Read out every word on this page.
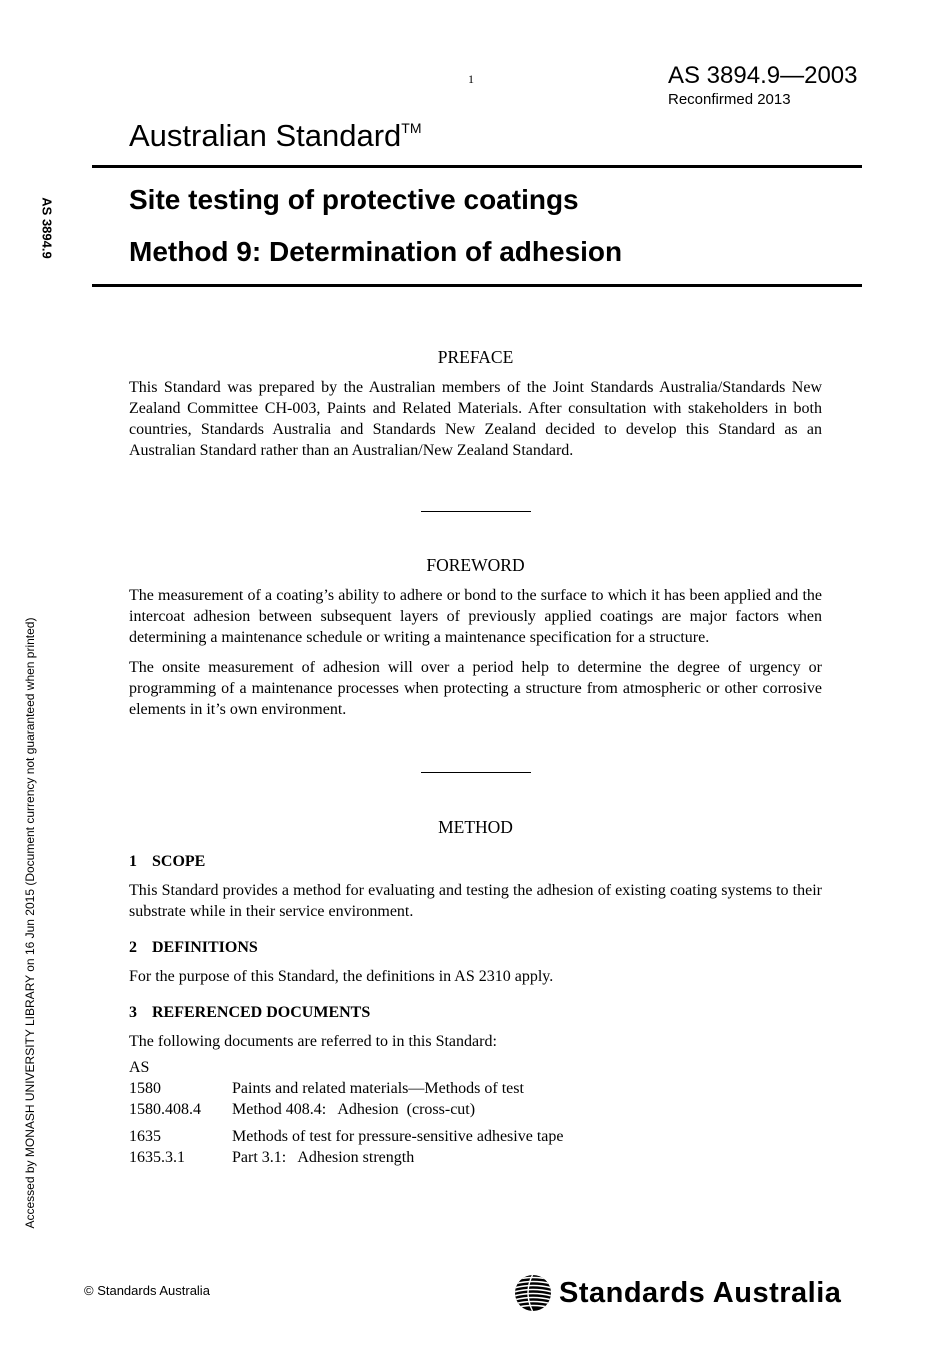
1	AS 3894.9—2003
Reconfirmed 2013
Australian Standard™
Site testing of protective coatings
Method 9: Determination of adhesion
AS 3894.9
Accessed by MONASH UNIVERSITY LIBRARY on 16 Jun 2015 (Document currency not guaranteed when printed)
PREFACE

This Standard was prepared by the Australian members of the Joint Standards Australia/Standards New Zealand Committee CH-003, Paints and Related Materials. After consultation with stakeholders in both countries, Standards Australia and Standards New Zealand decided to develop this Standard as an Australian Standard rather than an Australian/New Zealand Standard.

FOREWORD

The measurement of a coating’s ability to adhere or bond to the surface to which it has been applied and the intercoat adhesion between subsequent layers of previously applied coatings are major factors when determining a maintenance schedule or writing a maintenance specification for a structure.

The onsite measurement of adhesion will over a period help to determine the degree of urgency or programming of a maintenance processes when protecting a structure from atmospheric or other corrosive elements in it’s own environment.

METHOD
1 SCOPE

This Standard provides a method for evaluating and testing the adhesion of existing coating systems to their substrate while in their service environment.

2 DEFINITIONS

For the purpose of this Standard, the definitions in AS 2310 apply.

3 REFERENCED DOCUMENTS

The following documents are referred to in this Standard:

AS
1580	Paints and related materials—Methods of test
1580.408.4	Method 408.4:   Adhesion  (cross-cut)
1635	Methods of test for pressure-sensitive adhesive tape
1635.3.1	Part 3.1:   Adhesion strength
© Standards Australia	Standards Australia
